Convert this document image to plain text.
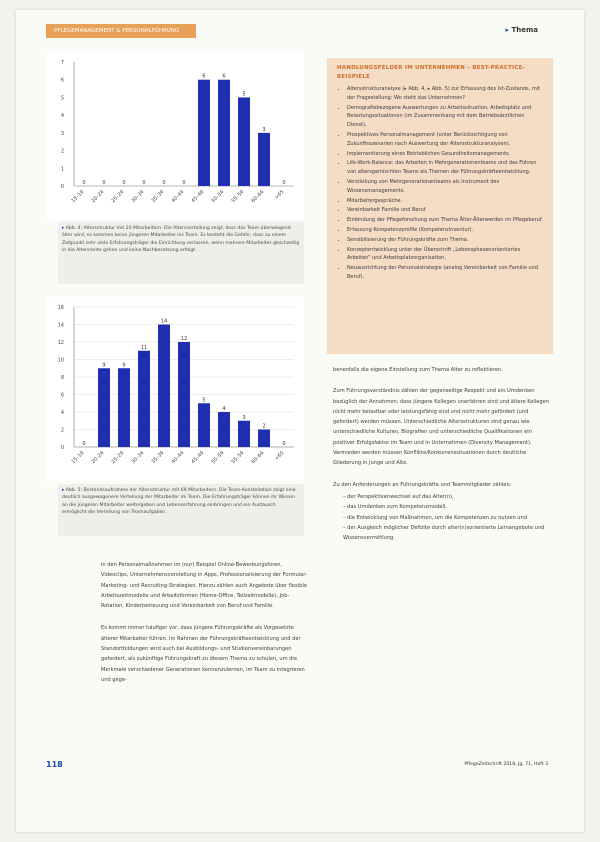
PFLEGEMANAGEMENT & PERSONALFÜHRUNG	▸ Thema
0
1
2
3
4
5
6
7
0
15–19
0
20–24
0
25–29
0
30–34
0
35–39
0
40–44
6
45–49
6
50–54
5
55–59
3
60–64
0
>65
▸ Abb. 4: Altersstruktur mit 20 Mitarbeitern. Die Altersverteilung zeigt, dass das Team überwiegend älter wird, es kommen keine jüngeren Mitarbeiter ins Team. Es besteht die Gefahr, dass zu einem Zeitpunkt sehr viele Erfahrungsträger die Einrichtung verlassen, wenn mehrere Mitarbeiter gleichzeitig in die Altersrente gehen und keine Nachbesetzung erfolgt.
0
2
4
6
8
10
12
14
16
0
15–19
9
20–24
9
25–29
11
30–34
14
35–39
12
40–44
5
45–49
4
50–54
3
55–59
2
60–64
0
>65
▸ Abb. 5: Bestandsaufnahme der Altersstruktur mit 69 Mitarbeitern. Die Team-Konstellation zeigt eine deutlich ausgewogenere Verteilung der Mitarbeiter im Team. Die Erfahrungsträger können ihr Wissen an die jüngeren Mitarbeiter weitergeben und Lebenserfahrung einbringen und ein Austausch ermöglicht die Verteilung von Teamaufgaben.

in den Personalmaßnahmen im (nur) Beispiel Online-Bewerbungsforen, Videoclips, Unternehmensvorstellung in Apps, Professionalisierung der Formular-Marketing- und Recruiting-Strategien. Hierzu zählen auch Angebote über flexible Arbeitszeitmodelle und Arbeitsformen (Home-Office, Teilzeitmodelle), Job-Rotation, Kinderbetreuung und Vereinbarkeit von Beruf und Familie.

Es kommt immer häufiger vor, dass jüngere Führungskräfte als Vorgesetzte älterer Mitarbeiter führen. Im Rahmen der Führungskräfteentwicklung und der Standortbildungen wird auch bei Ausbildungs- und Studienvereinbarungen gefordert, als zukünftige Führungskraft zu diesem Thema zu schulen, um die Merkmale verschiedener Generationen kennenzulernen, im Team zu integrieren und gege-

HANDLUNGSFELDER IM UNTERNEHMEN – BEST-PRACTICE-BEISPIELE
• Altersstrukturanalyse (▸ Abb. 4, ▸ Abb. 5) zur Erfassung des Ist-Zustands, mit der Fragestellung: Wo steht das Unternehmen?
• Demografiebezogene Auswertungen zu Arbeitssituation, Arbeitsplatz und Belastungssituationen (im Zusammenhang mit dem Betriebsärztlichen Dienst).
• Prospektives Personalmanagement (unter Berücksichtigung von Zukunftsszenarien nach Auswertung der Altersstrukturanalysen).
• Implementierung eines Betrieblichen Gesundheitsmanagements.
• Life-Work-Balance: das Arbeiten in Mehrgenerationenteams und das Führen von altersgemischten Teams als Themen der Führungskräfteentwicklung.
• Verstärkung von Mehrgenerationenteams als Instrument des Wissensmanagements.
• Mitarbeitergespräche.
• Vereinbarkeit Familie und Beruf.
• Einbindung der Pflegeforschung zum Thema Älter-Älterwerden im Pflegeberuf.
• Erfassung Kompetenzprofile (Kompetenzinventur).
• Sensibilisierung der Führungskräfte zum Thema.
• Konzeptentwicklung unter der Überschrift „Lebensphasenorientiertes Arbeiten“ und Arbeitsplatzorganisation.
• Neuausrichtung der Personalstrategie (analog Vereinbarkeit von Familie und Beruf).

benenfalls die eigene Einstellung zum Thema Alter zu reflektieren.

Zum Führungsverständnis zählen der gegenseitige Respekt und ein Umdenken bezüglich der Annahmen, dass jüngere Kollegen unerfahren sind und ältere Kollegen nicht mehr belastbar oder leistungsfähig sind und nicht mehr gefördert (und gefordert) werden müssen. Unterschiedliche Altersstrukturen sind genau wie unterschiedliche Kulturen, Biografien und unterschiedliche Qualifikationen ein positiver Erfolgsfaktor im Team und in Unternehmen (Diversity Management). Vermieden werden müssen Konflikte/Konkurrenzsituationen durch deutliche Gliederung in Junge und Alte.

Zu den Anforderungen an Führungskräfte und Teammitglieder zählen:

– der Perspektivenwechsel auf das Alter(n),
– das Umdenken zum Kompetenzmodell,
– die Entwicklung von Maßnahmen, um die Kompetenzen zu nutzen und
– der Ausgleich möglicher Defizite durch alter(n)sorientierte Lernangebote und Wissensvermittlung.
118	PflegeZeitschrift 2018, Jg. 71, Heft 3
